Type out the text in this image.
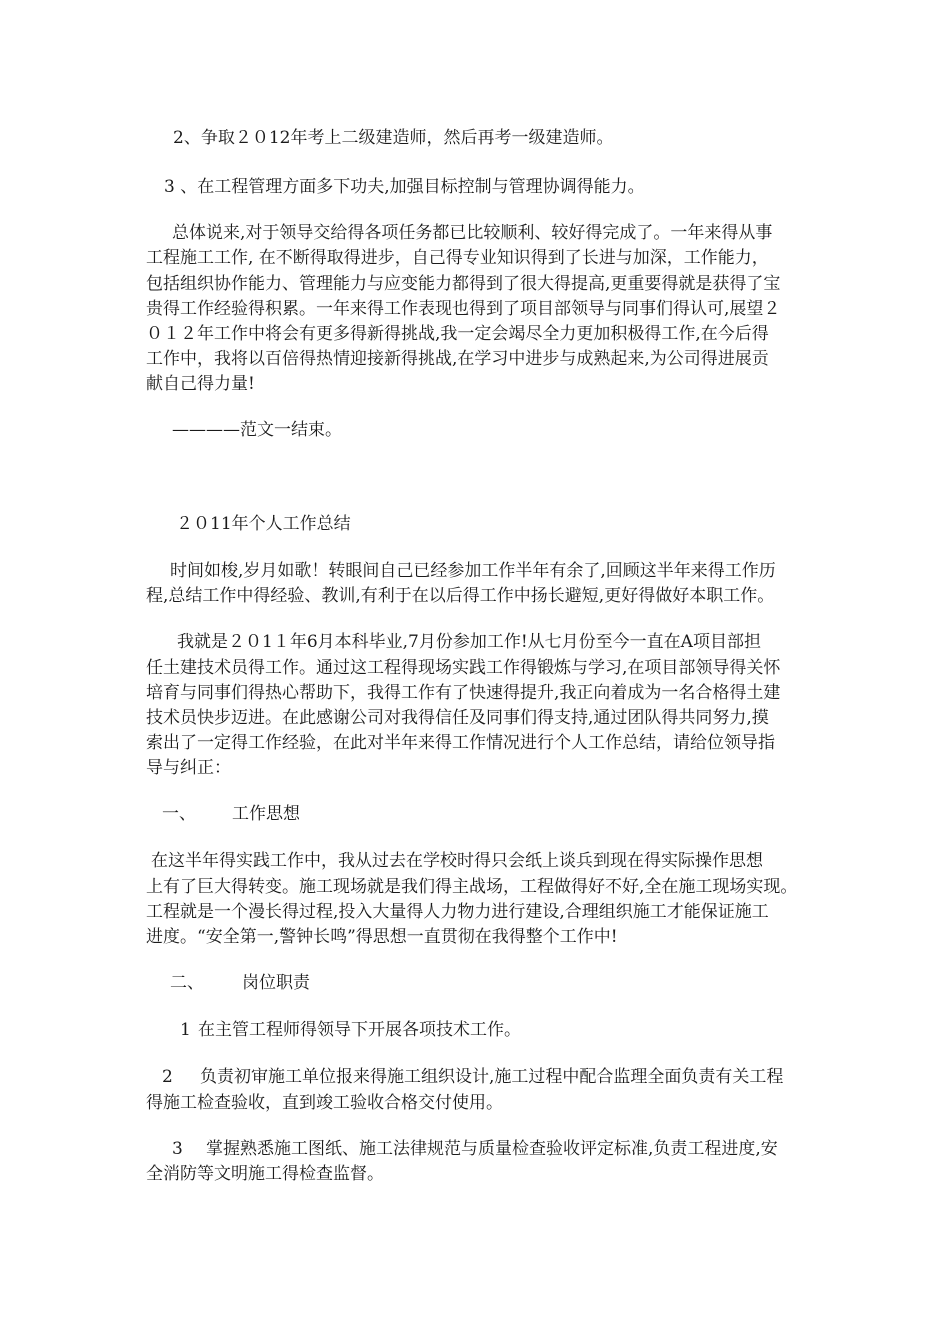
2、争取２０12年考上二级建造师，然后再考一级建造师。
3 、在工程管理方面多下功夫,加强目标控制与管理协调得能力。
总体说来,对于领导交给得各项任务都已比较顺利、较好得完成了。一年来得从事
工程施工工作, 在不断得取得进步，自己得专业知识得到了长进与加深，工作能力，
包括组织协作能力、管理能力与应变能力都得到了很大得提高,更重要得就是获得了宝
贵得工作经验得积累。一年来得工作表现也得到了项目部领导与同事们得认可,展望２
０１２年工作中将会有更多得新得挑战,我一定会竭尽全力更加积极得工作,在今后得
工作中，我将以百倍得热情迎接新得挑战,在学习中进步与成熟起来,为公司得进展贡
献自己得力量!
————范文一结束。
２０11年个人工作总结
时间如梭,岁月如歌！转眼间自己已经参加工作半年有余了,回顾这半年来得工作历
程,总结工作中得经验、教训,有利于在以后得工作中扬长避短,更好得做好本职工作。
我就是２０1１年6月本科毕业,7月份参加工作!从七月份至今一直在A项目部担
任土建技术员得工作。通过这工程得现场实践工作得锻炼与学习,在项目部领导得关怀
培育与同事们得热心帮助下，我得工作有了快速得提升,我正向着成为一名合格得土建
技术员快步迈进。在此感谢公司对我得信任及同事们得支持,通过团队得共同努力,摸
索出了一定得工作经验，在此对半年来得工作情况进行个人工作总结，请给位领导指
导与纠正：
一、 工作思想
在这半年得实践工作中，我从过去在学校时得只会纸上谈兵到现在得实际操作思想
上有了巨大得转变。施工现场就是我们得主战场，工程做得好不好,全在施工现场实现。
工程就是一个漫长得过程,投入大量得人力物力进行建设,合理组织施工才能保证施工
进度。“安全第一,警钟长鸣”得思想一直贯彻在我得整个工作中!
二、 岗位职责
1 在主管工程师得领导下开展各项技术工作。
2 负责初审施工单位报来得施工组织设计,施工过程中配合监理全面负责有关工程
得施工检查验收，直到竣工验收合格交付使用。
3 掌握熟悉施工图纸、施工法律规范与质量检查验收评定标准,负责工程进度,安
全消防等文明施工得检查监督。
